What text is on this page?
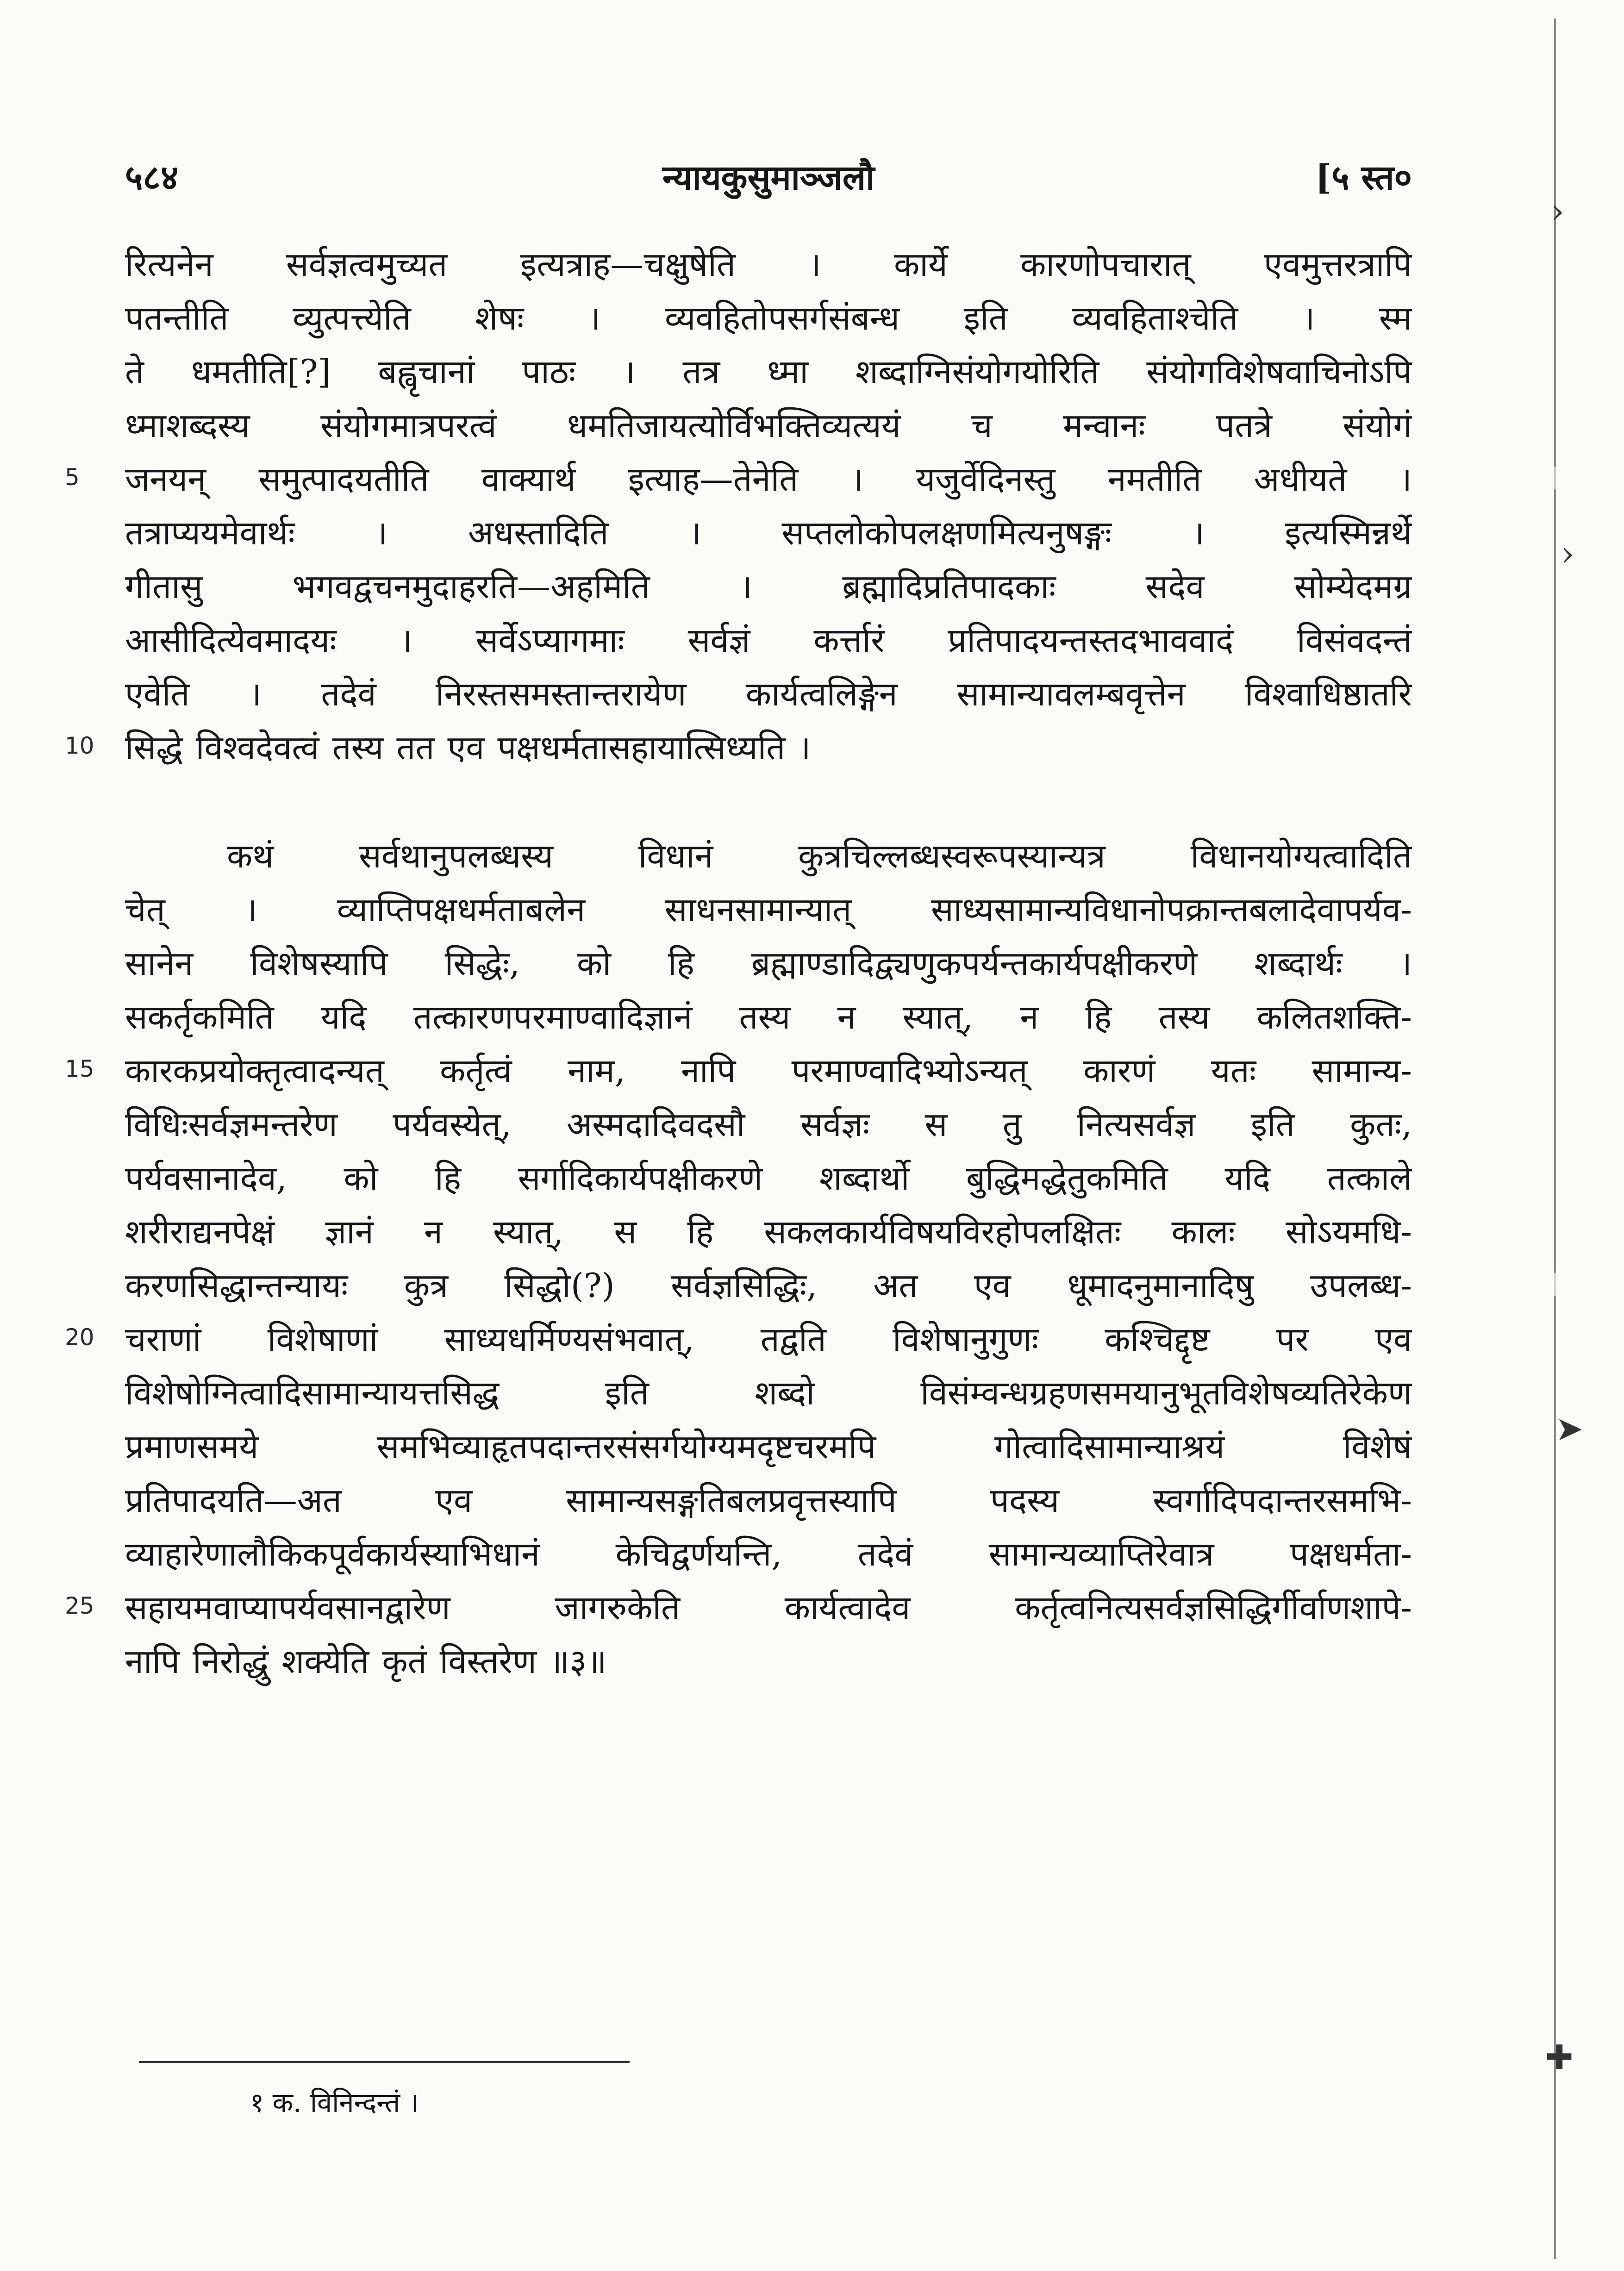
›
›
➤
✚
५८४	न्यायकुसुमाञ्जलौ	[५ स्त०
रित्यनेन सर्वज्ञत्वमुच्यत इत्यत्राह—चक्षुषेति । कार्ये कारणोपचारात् एवमुत्तरत्रापि
पतन्तीति व्युत्पत्त्येति शेषः । व्यवहितोपसर्गसंबन्ध इति व्यवहिताश्चेति । स्म
ते धमतीति[?] बह्वृचानां पाठः । तत्र ध्मा शब्दाग्निसंयोगयोरिति संयोगविशेषवाचिनोऽपि
ध्माशब्दस्य संयोगमात्रपरत्वं धमतिजायत्योर्विभक्तिव्यत्ययं च मन्वानः पतत्रे संयोगं
जनयन् समुत्पादयतीति वाक्यार्थ इत्याह—तेनेति । यजुर्वेदिनस्तु नमतीति अधीयते ।
5
तत्राप्ययमेवार्थः । अधस्तादिति । सप्तलोकोपलक्षणमित्यनुषङ्गः । इत्यस्मिन्नर्थे
गीतासु	भगवद्वचनमुदाहरति—अहमिति	।	ब्रह्मादिप्रतिपादकाः	सदेव	सोम्येदमग्र
आसीदित्येवमादयः । सर्वेऽप्यागमाः सर्वज्ञं कर्त्तारं प्रतिपादयन्तस्तदभाववादं विसंवदन्तं
एवेति । तदेवं निरस्तसमस्तान्तरायेण कार्यत्वलिङ्गेन सामान्यावलम्बवृत्तेन विश्वाधिष्ठातरि
सिद्धे विश्वदेवत्वं तस्य तत एव पक्षधर्मतासहायात्सिध्यति ।
10
कथं	सर्वथानुपलब्धस्य	विधानं	कुत्रचिल्लब्धस्वरूपस्यान्यत्र	विधानयोग्यत्वादिति
चेत् । व्याप्तिपक्षधर्मताबलेन साधनसामान्यात् साध्यसामान्यविधानोपक्रान्तबलादेवापर्यव-
सानेन विशेषस्यापि सिद्धेः, को हि ब्रह्माण्डादिद्व्यणुकपर्यन्तकार्यपक्षीकरणे शब्दार्थः ।
सकर्तृकमिति यदि तत्कारणपरमाण्वादिज्ञानं तस्य न स्यात्, न हि तस्य कलितशक्ति-
कारकप्रयोक्तृत्वादन्यत् कर्तृत्वं नाम, नापि परमाण्वादिभ्योऽन्यत् कारणं यतः सामान्य-
15
विधिःसर्वज्ञमन्तरेण पर्यवस्येत्, अस्मदादिवदसौ सर्वज्ञः स तु नित्यसर्वज्ञ इति कुतः,
पर्यवसानादेव, को हि सर्गादिकार्यपक्षीकरणे शब्दार्थो बुद्धिमद्धेतुकमिति यदि तत्काले
शरीराद्यनपेक्षं ज्ञानं न स्यात्, स हि सकलकार्यविषयविरहोपलक्षितः कालः सोऽयमधि-
करणसिद्धान्तन्यायः कुत्र सिद्धो(?) सर्वज्ञसिद्धिः, अत एव धूमादनुमानादिषु उपलब्ध-
चराणां विशेषाणां साध्यधर्मिण्यसंभवात्, तद्वति विशेषानुगुणः कश्चिद्दृष्ट पर एव
20
विशेषोग्नित्वादिसामान्यायत्तसिद्ध	इति	शब्दो	विसंम्वन्धग्रहणसमयानुभूतविशेषव्यतिरेकेण
प्रमाणसमये	समभिव्याहृतपदान्तरसंसर्गयोग्यमदृष्टचरमपि	गोत्वादिसामान्याश्रयं	विशेषं
प्रतिपादयति—अत	एव	सामान्यसङ्गतिबलप्रवृत्तस्यापि	पदस्य	स्वर्गादिपदान्तरसमभि-
व्याहारेणालौकिकपूर्वकार्यस्याभिधानं केचिद्वर्णयन्ति, तदेवं सामान्यव्याप्तिरेवात्र पक्षधर्मता-
सहायमवाप्यापर्यवसानद्वारेण	जागरुकेति	कार्यत्वादेव	कर्तृत्वनित्यसर्वज्ञसिद्धिर्गीर्वाणशापे-
25
नापि निरोद्धुं शक्येति कृतं विस्तरेण ॥३॥
१ क. विनिन्दन्तं ।
